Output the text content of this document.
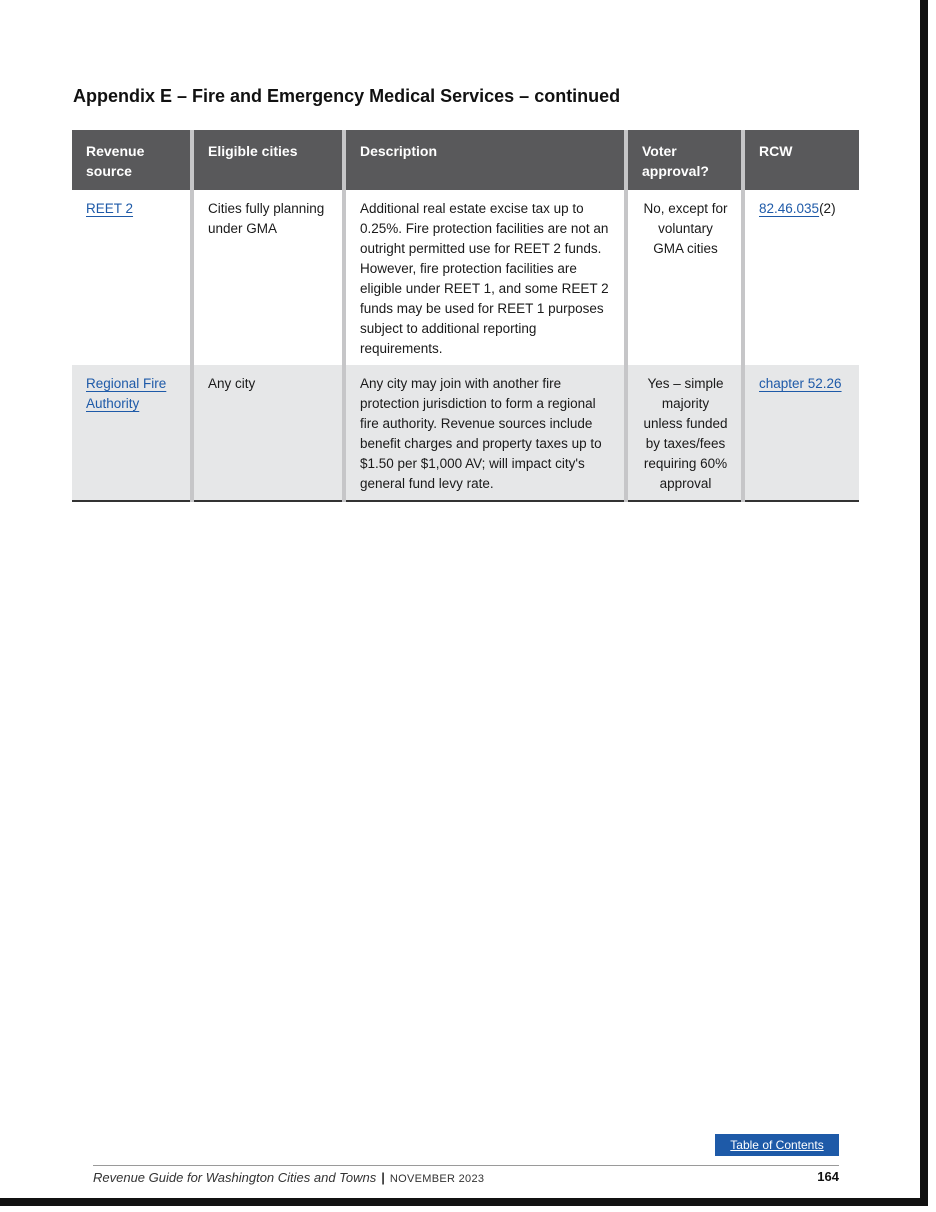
Appendix E – Fire and Emergency Medical Services – continued
Revenue source	Eligible cities	Description	Voter approval?	RCW
REET 2	Cities fully planning under GMA	Additional real estate excise tax up to 0.25%. Fire protection facilities are not an outright permitted use for REET 2 funds. However, fire protection facilities are eligible under REET 1, and some REET 2 funds may be used for REET 1 purposes subject to additional reporting requirements.	No, except for voluntary GMA cities	82.46.035(2)
Regional Fire Authority	Any city	Any city may join with another fire protection jurisdiction to form a regional fire authority. Revenue sources include benefit charges and property taxes up to $1.50 per $1,000 AV; will impact city's general fund levy rate.	Yes – simple majority unless funded by taxes/fees requiring 60% approval	chapter 52.26
Table of Contents
Revenue Guide for Washington Cities and Towns | NOVEMBER 2023	164
